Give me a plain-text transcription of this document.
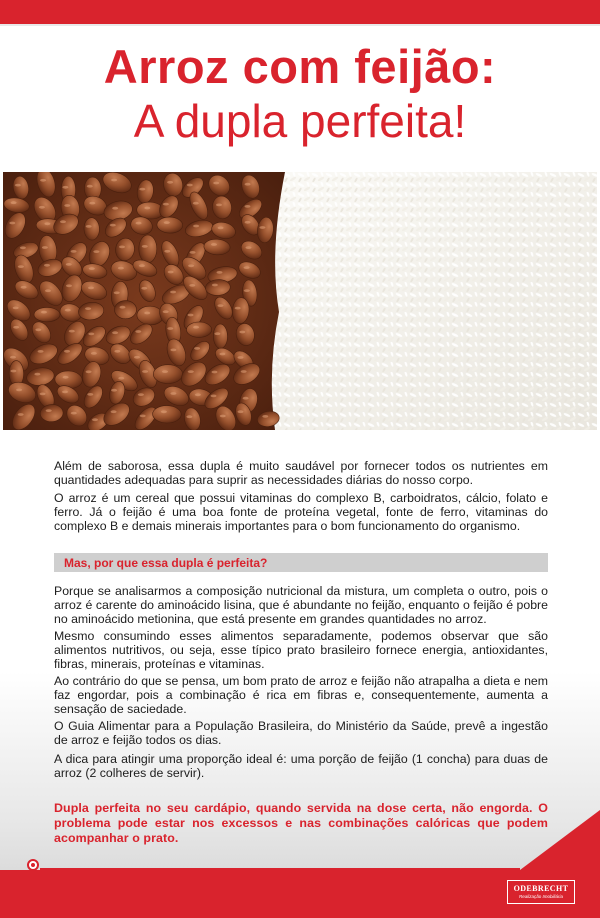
Arroz com feijão:
A dupla perfeita!

Além de saborosa, essa dupla é muito saudável por fornecer todos os nutrientes em quantidades adequadas para suprir as necessidades diárias do nosso corpo.

O arroz é um cereal que possui vitaminas do complexo B, carboidratos, cálcio, folato e ferro. Já o feijão é uma boa fonte de proteína vegetal, fonte de ferro, vitaminas do complexo B e demais minerais importantes para o bom funcionamento do organismo.

Mas, por que essa dupla é perfeita?

Porque se analisarmos a composição nutricional da mistura, um completa o outro, pois o arroz é carente do aminoácido lisina, que é abundante no feijão, enquanto o feijão é pobre no aminoácido metionina, que está presente em grandes quantidades no arroz.

Mesmo consumindo esses alimentos separadamente, podemos observar que são alimentos nutritivos, ou seja, esse típico prato brasileiro fornece energia, antioxidantes, fibras, minerais, proteínas e vitaminas.

Ao contrário do que se pensa, um bom prato de arroz e feijão não atrapalha a dieta e nem faz engordar, pois a combinação é rica em fibras e, consequentemente, aumenta a sensação de saciedade.

O Guia Alimentar para a População Brasileira, do Ministério da Saúde, prevê a ingestão de arroz e feijão todos os dias.

A dica para atingir uma proporção ideal é: uma porção de feijão (1 concha) para duas de arroz (2 colheres de servir).

Dupla perfeita no seu cardápio, quando servida na dose certa, não engorda. O problema pode estar nos excessos e nas combinações calóricas que podem acompanhar o prato.

ODEBRECHT
Realização Imobiliária
